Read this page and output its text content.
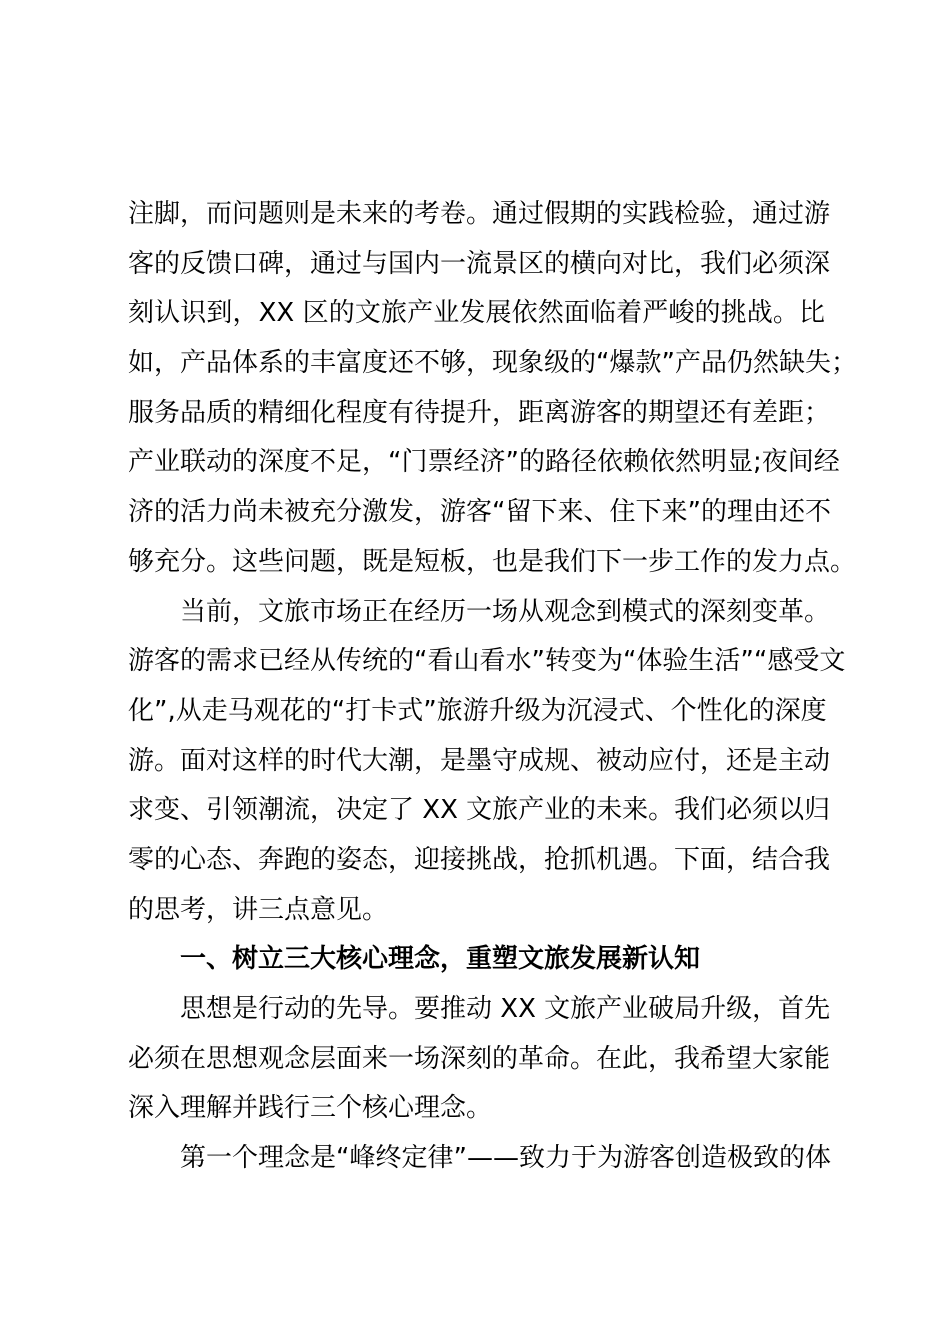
注脚，而问题则是未来的考卷。通过假期的实践检验，通过游
客的反馈口碑，通过与国内一流景区的横向对比，我们必须深
刻认识到，XX 区的文旅产业发展依然面临着严峻的挑战。比
如，产品体系的丰富度还不够，现象级的“爆款”产品仍然缺失；
服务品质的精细化程度有待提升，距离游客的期望还有差距；
产业联动的深度不足，“门票经济”的路径依赖依然明显;夜间经
济的活力尚未被充分激发，游客“留下来、住下来”的理由还不
够充分。这些问题，既是短板，也是我们下一步工作的发力点。
当前，文旅市场正在经历一场从观念到模式的深刻变革。
游客的需求已经从传统的“看山看水”转变为“体验生活”“感受文
化”,从走马观花的“打卡式”旅游升级为沉浸式、个性化的深度
游。面对这样的时代大潮，是墨守成规、被动应付，还是主动
求变、引领潮流，决定了 XX 文旅产业的未来。我们必须以归
零的心态、奔跑的姿态，迎接挑战，抢抓机遇。下面，结合我
的思考，讲三点意见。
一、树立三大核心理念，重塑文旅发展新认知
思想是行动的先导。要推动 XX 文旅产业破局升级，首先
必须在思想观念层面来一场深刻的革命。在此，我希望大家能
深入理解并践行三个核心理念。
第一个理念是“峰终定律”——致力于为游客创造极致的体
